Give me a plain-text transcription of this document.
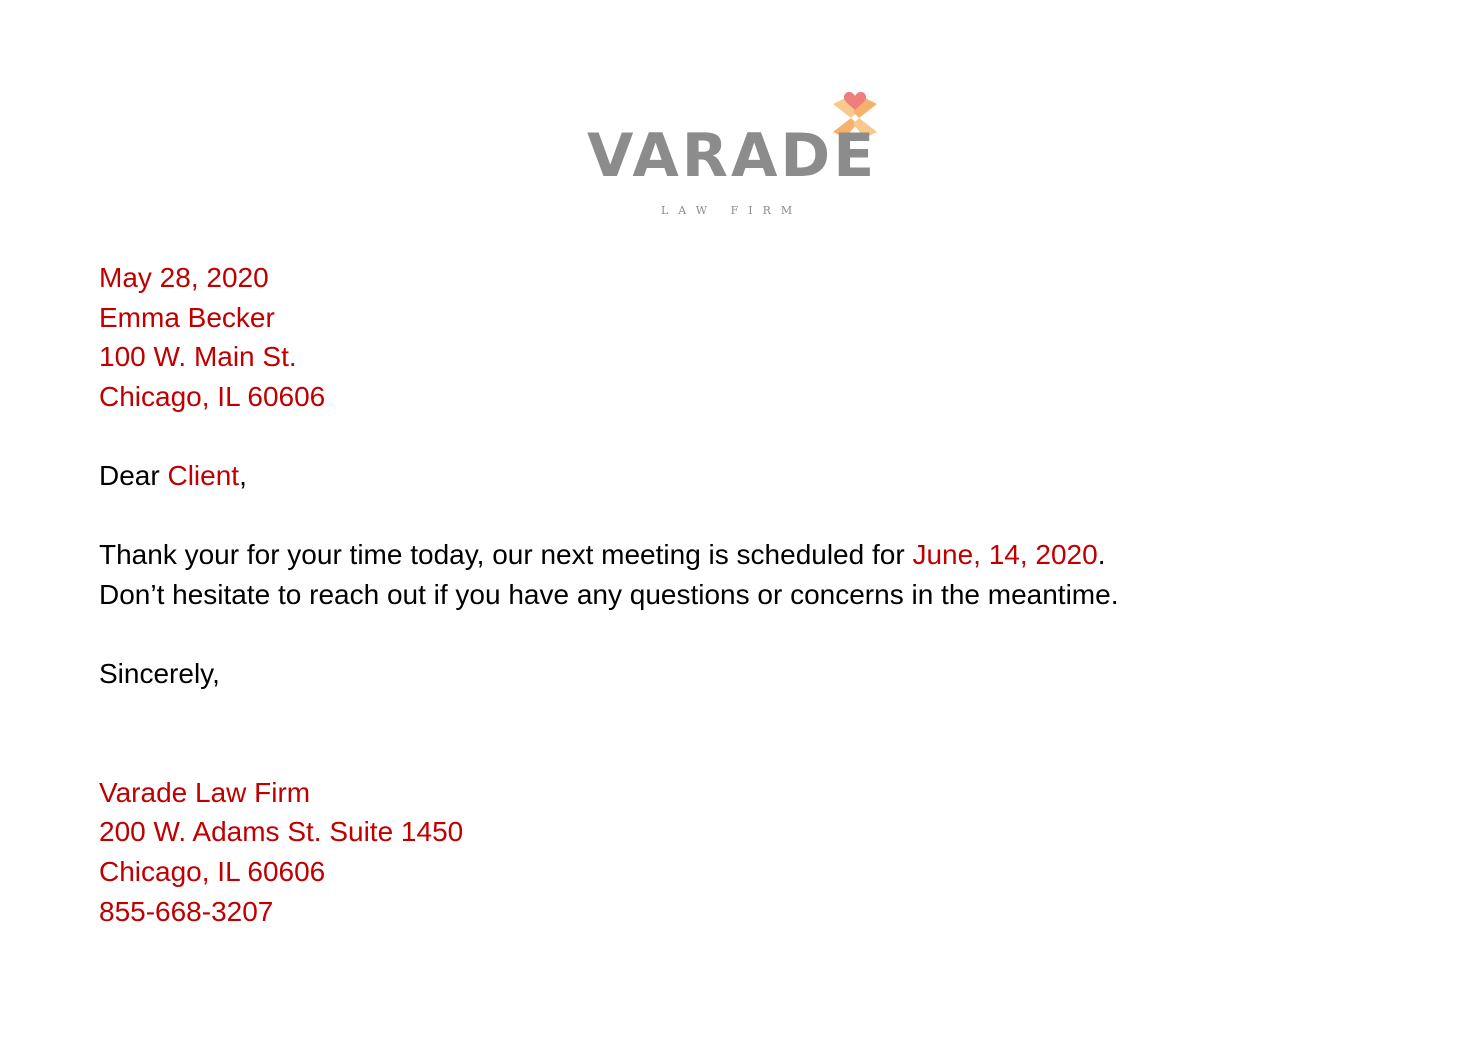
VARADE
LAW FIRM
May 28, 2020
Emma Becker
100 W. Main St.
Chicago, IL 60606
Dear Client,
Thank your for your time today, our next meeting is scheduled for June, 14, 2020.
Don’t hesitate to reach out if you have any questions or concerns in the meantime.
Sincerely,
Varade Law Firm
200 W. Adams St. Suite 1450
Chicago, IL 60606
855-668-3207
